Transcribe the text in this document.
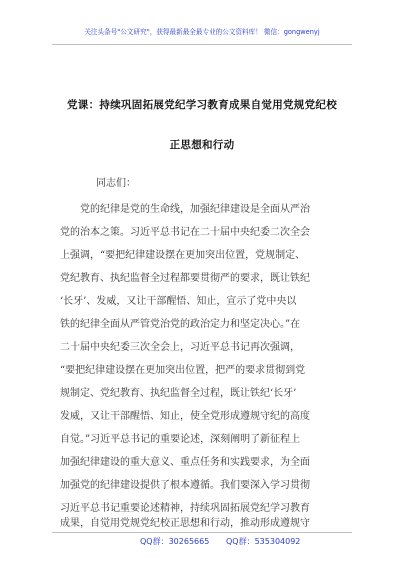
关注头条号"公文研究"，获得最新最全最专业的公文资料库！ 微信：gongwenyj
党课：持续巩固拓展党纪学习教育成果自觉用党规党纪校
正思想和行动
同志们：
党的纪律是党的生命线，加强纪律建设是全面从严治
党的治本之策。习近平总书记在二十届中央纪委二次全会
上强调，“要把纪律建设摆在更加突出位置，党规制定、
党纪教育、执纪监督全过程都要贯彻严的要求，既让铁纪
‘长牙’、发威，又让干部醒悟、知止，宣示了党中央以
铁的纪律全面从严管党治党的政治定力和坚定决心。”在
二十届中央纪委三次全会上，习近平总书记再次强调，
“要把纪律建设摆在更加突出位置，把严的要求贯彻到党
规制定、党纪教育、执纪监督全过程，既让铁纪‘长牙’
发威，又让干部醒悟、知止，使全党形成遵规守纪的高度
自觉。”习近平总书记的重要论述，深刻阐明了新征程上
加强纪律建设的重大意义、重点任务和实践要求，为全面
加强党的纪律建设提供了根本遵循。我们要深入学习贯彻
习近平总书记重要论述精神，持续巩固拓展党纪学习教育
成果，自觉用党规党纪校正思想和行动，推动形成遵规守
QQ群：30265665 QQ群：535304092
